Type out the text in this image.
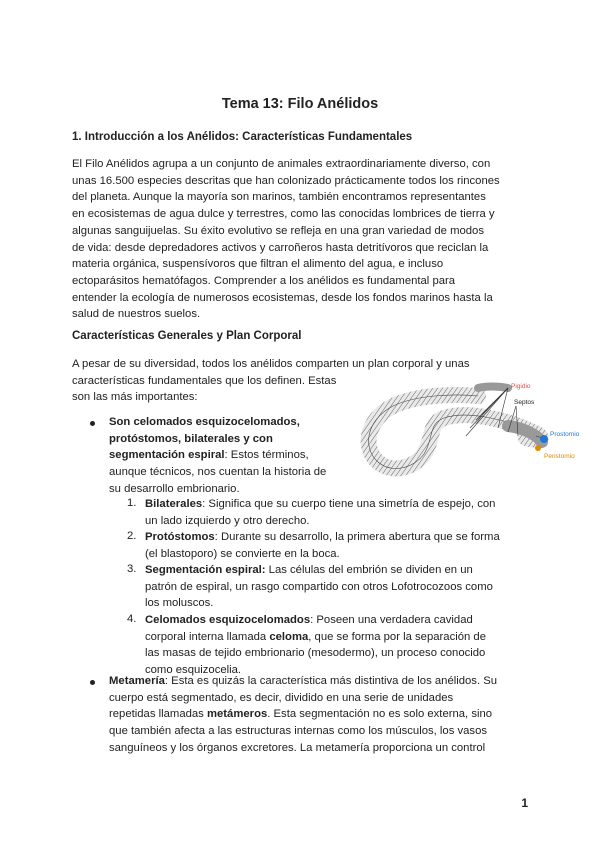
Tema 13: Filo Anélidos
1. Introducción a los Anélidos: Características Fundamentales

El Filo Anélidos agrupa a un conjunto de animales extraordinariamente diverso, con

unas 16.500 especies descritas que han colonizado prácticamente todos los rincones

del planeta. Aunque la mayoría son marinos, también encontramos representantes

en ecosistemas de agua dulce y terrestres, como las conocidas lombrices de tierra y

algunas sanguijuelas. Su éxito evolutivo se refleja en una gran variedad de modos

de vida: desde depredadores activos y carroñeros hasta detritívoros que reciclan la

materia orgánica, suspensívoros que filtran el alimento del agua, e incluso

ectoparásitos hematófagos. Comprender a los anélidos es fundamental para

entender la ecología de numerosos ecosistemas, desde los fondos marinos hasta la

salud de nuestros suelos.

Características Generales y Plan Corporal

A pesar de su diversidad, todos los anélidos comparten un plan corporal y unas

características fundamentales que los definen. Estas

son las más importantes:

Pigidio
Septos
Prostomio
Peristomio
Son celomados esquizocelomados,
protóstomos, bilaterales y con
segmentación espiral: Estos términos,
aunque técnicos, nos cuentan la historia de
su desarrollo embrionario.
1. Bilaterales: Significa que su cuerpo tiene una simetría de espejo, con
un lado izquierdo y otro derecho.
2. Protóstomos: Durante su desarrollo, la primera abertura que se forma
(el blastoporo) se convierte en la boca.
3. Segmentación espiral: Las células del embrión se dividen en un
patrón de espiral, un rasgo compartido con otros Lofotrocozoos como
los moluscos.
4. Celomados esquizocelomados: Poseen una verdadera cavidad
corporal interna llamada celoma, que se forma por la separación de
las masas de tejido embrionario (mesodermo), un proceso conocido
como esquizocelia.
Metamería: Esta es quizás la característica más distintiva de los anélidos. Su
cuerpo está segmentado, es decir, dividido en una serie de unidades
repetidas llamadas metámeros. Esta segmentación no es solo externa, sino
que también afecta a las estructuras internas como los músculos, los vasos
sanguíneos y los órganos excretores. La metamería proporciona un control
1
